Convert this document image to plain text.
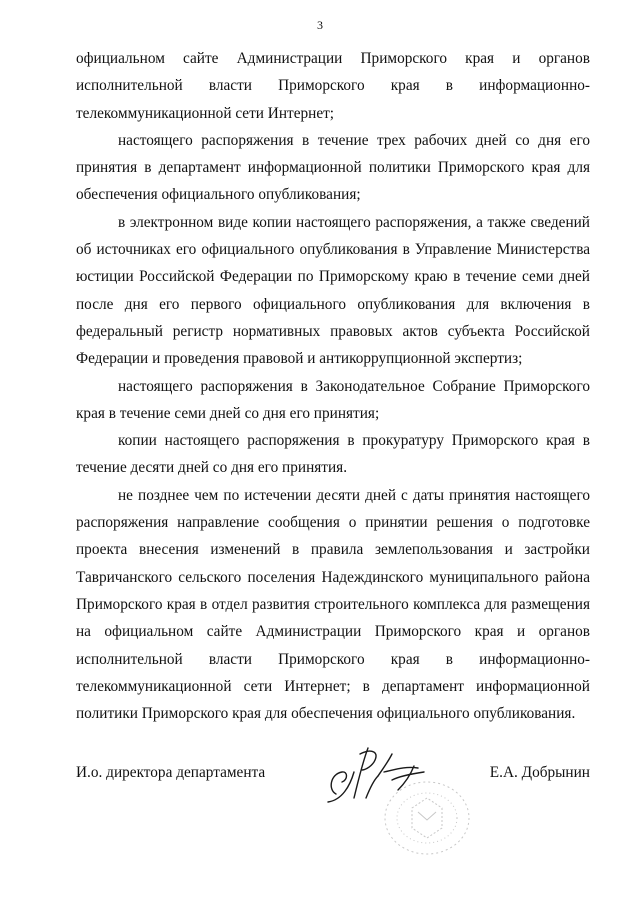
3

официальном сайте Администрации Приморского края и органов исполнительной власти Приморского края в информационно-телекоммуникационной сети Интернет;

настоящего распоряжения в течение трех рабочих дней со дня его принятия в департамент информационной политики Приморского края для обеспечения официального опубликования;

в электронном виде копии настоящего распоряжения, а также сведений об источниках его официального опубликования в Управление Министерства юстиции Российской Федерации по Приморскому краю в течение семи дней после дня его первого официального опубликования для включения в федеральный регистр нормативных правовых актов субъекта Российской Федерации и проведения правовой и антикоррупционной экспертиз;

настоящего распоряжения в Законодательное Собрание Приморского края в течение семи дней со дня его принятия;

копии настоящего распоряжения в прокуратуру Приморского края в течение десяти дней со дня его принятия.

не позднее чем по истечении десяти дней с даты принятия настоящего распоряжения направление сообщения о принятии решения о подготовке проекта внесения изменений в правила землепользования и застройки Тавричанского сельского поселения Надеждинского муниципального района Приморского края в отдел развития строительного комплекса для размещения на официальном сайте Администрации Приморского края и органов исполнительной власти Приморского края в информационно-телекоммуникационной сети Интернет; в департамент информационной политики Приморского края для обеспечения официального опубликования.

И.о. директора департамента	Е.А. Добрынин
